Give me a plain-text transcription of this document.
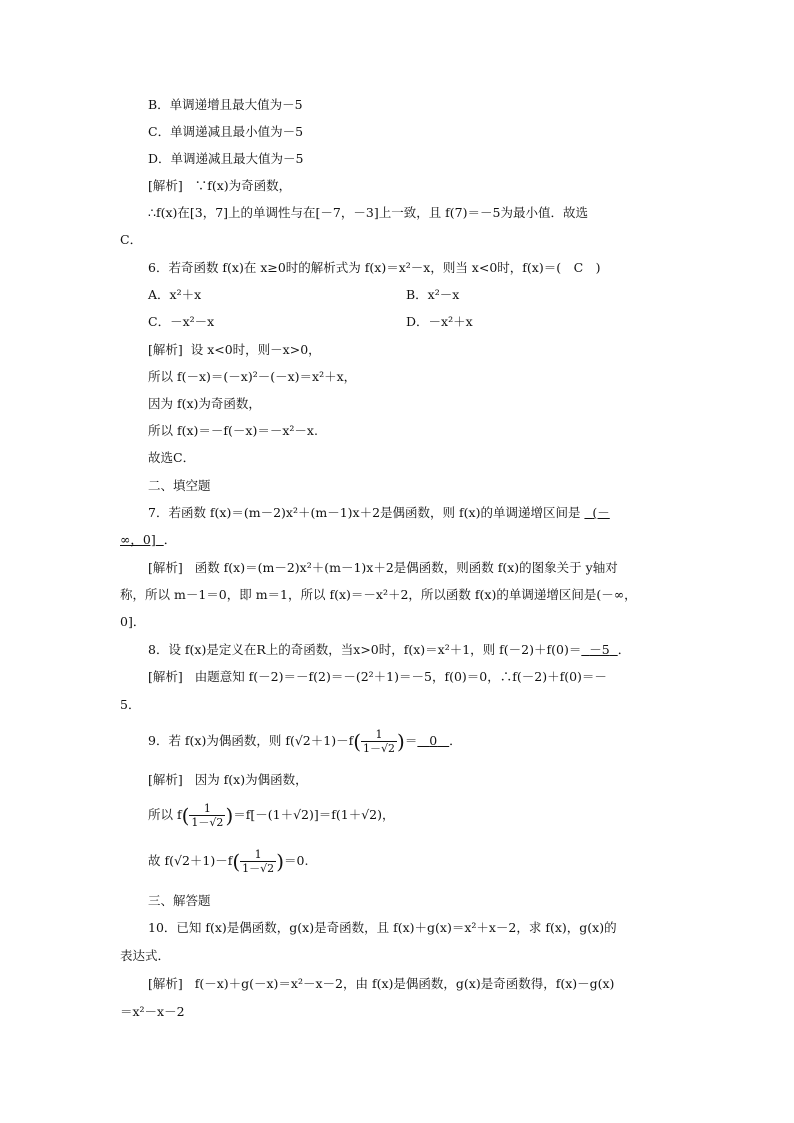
B．单调递增且最大值为－5
C．单调递减且最小值为－5
D．单调递减且最大值为－5
[解析] ∵f(x)为奇函数，
∴f(x)在[3，7]上的单调性与在[－7，－3]上一致，且 f(7)＝－5为最小值．故选
C．
6．若奇函数 f(x)在 x≥0时的解析式为 f(x)＝x²－x，则当 x<0时，f(x)＝(　C　)
A．x²＋x	B．x²－x
C．－x²－x	D．－x²＋x
[解析] 设 x<0时，则－x>0，
所以 f(－x)＝(－x)²－(－x)＝x²＋x，
因为 f(x)为奇函数，
所以 f(x)＝－f(－x)＝－x²－x.
故选C．
二、填空题
7．若函数 f(x)＝(m－2)x²＋(m－1)x＋2是偶函数，则 f(x)的单调递增区间是 (－
∞，0] ．
[解析] 函数 f(x)＝(m－2)x²＋(m－1)x＋2是偶函数，则函数 f(x)的图象关于 y轴对
称，所以 m－1＝0，即 m＝1，所以 f(x)＝－x²＋2，所以函数 f(x)的单调递增区间是(－∞，
0]．
8．设 f(x)是定义在R上的奇函数，当x>0时，f(x)＝x²＋1，则 f(－2)＋f(0)＝ －5 ．
[解析] 由题意知 f(－2)＝－f(2)＝－(2²＋1)＝－5，f(0)＝0，∴f(－2)＋f(0)＝－
5．
9．若 f(x)为偶函数，则 $f(√2+1)-f( \frac{1}{1-√2}$ )＝ 0 ．
[解析] 因为 f(x)为偶函数，
所以 $f( \frac{1}{1-√2} )=f[-(1+√2)]=f(1+√2)$，
故 $f(√2+1)-f( \frac{1}{1-√2} )=0$.
三、解答题
10．已知 f(x)是偶函数，g(x)是奇函数，且 f(x)＋g(x)＝x²＋x－2，求 f(x)，g(x)的
表达式．
[解析] f(－x)＋g(－x)＝x²－x－2，由 f(x)是偶函数，g(x)是奇函数得，f(x)－g(x)
＝x²－x－2
